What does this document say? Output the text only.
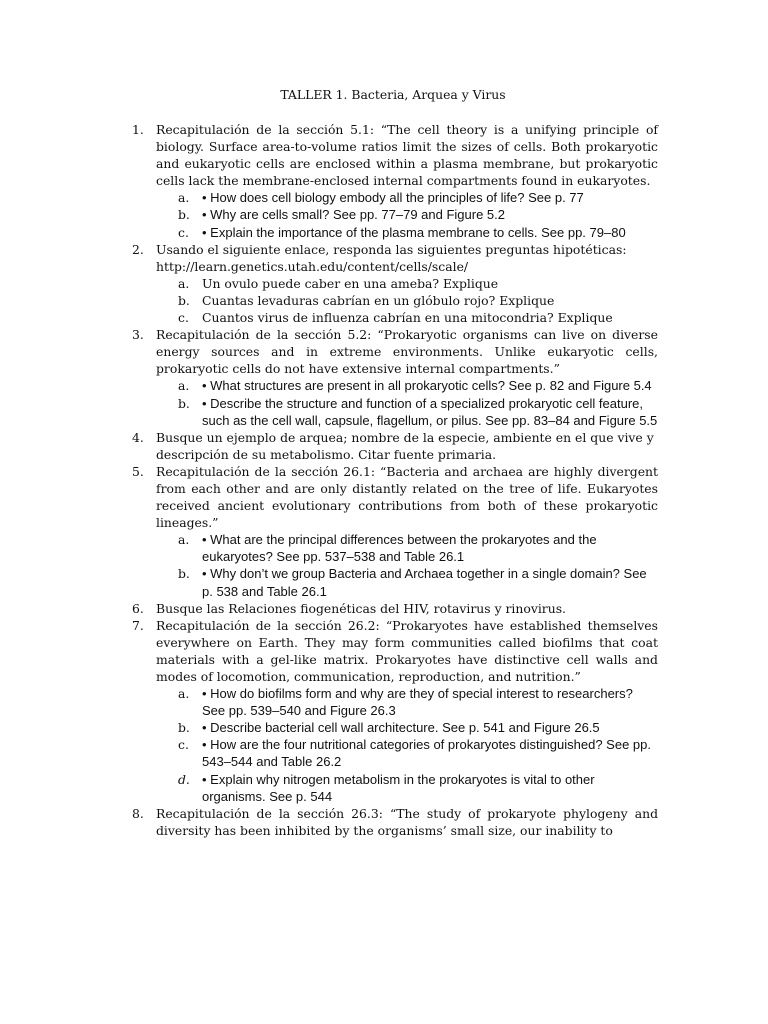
TALLER 1. Bacteria, Arquea y Virus
1. Recapitulación de la sección 5.1: “The cell theory is a unifying principle of biology. Surface area-to-volume ratios limit the sizes of cells. Both prokaryotic and eukaryotic cells are enclosed within a plasma membrane, but prokaryotic cells lack the membrane-enclosed internal compartments found in eukaryotes.
a. • How does cell biology embody all the principles of life? See p. 77
b. • Why are cells small? See pp. 77–79 and Figure 5.2
c. • Explain the importance of the plasma membrane to cells. See pp. 79–80
2. Usando el siguiente enlace, responda las siguientes preguntas hipotéticas: http://learn.genetics.utah.edu/content/cells/scale/
a. Un ovulo puede caber en una ameba? Explique
b. Cuantas levaduras cabrían en un glóbulo rojo? Explique
c. Cuantos virus de influenza cabrían en una mitocondria? Explique
3. Recapitulación de la sección 5.2: “Prokaryotic organisms can live on diverse energy sources and in extreme environments. Unlike eukaryotic cells, prokaryotic cells do not have extensive internal compartments.”
a. • What structures are present in all prokaryotic cells? See p. 82 and Figure 5.4
b. • Describe the structure and function of a specialized prokaryotic cell feature, such as the cell wall, capsule, flagellum, or pilus. See pp. 83–84 and Figure 5.5
4. Busque un ejemplo de arquea; nombre de la especie, ambiente en el que vive y descripción de su metabolismo. Citar fuente primaria.
5. Recapitulación de la sección 26.1: “Bacteria and archaea are highly divergent from each other and are only distantly related on the tree of life. Eukaryotes received ancient evolutionary contributions from both of these prokaryotic lineages.”
a. • What are the principal differences between the prokaryotes and the eukaryotes? See pp. 537–538 and Table 26.1
b. • Why don’t we group Bacteria and Archaea together in a single domain? See p. 538 and Table 26.1
6. Busque las Relaciones fiogenéticas del HIV, rotavirus y rinovirus.
7. Recapitulación de la sección 26.2: “Prokaryotes have established themselves everywhere on Earth. They may form communities called biofilms that coat materials with a gel-like matrix. Prokaryotes have distinctive cell walls and modes of locomotion, communication, reproduction, and nutrition.”
a. • How do biofilms form and why are they of special interest to researchers? See pp. 539–540 and Figure 26.3
b. • Describe bacterial cell wall architecture. See p. 541 and Figure 26.5
c. • How are the four nutritional categories of prokaryotes distinguished? See pp. 543–544 and Table 26.2
d. • Explain why nitrogen metabolism in the prokaryotes is vital to other organisms. See p. 544
8. Recapitulación de la sección 26.3: “The study of prokaryote phylogeny and diversity has been inhibited by the organisms’ small size, our inability to
